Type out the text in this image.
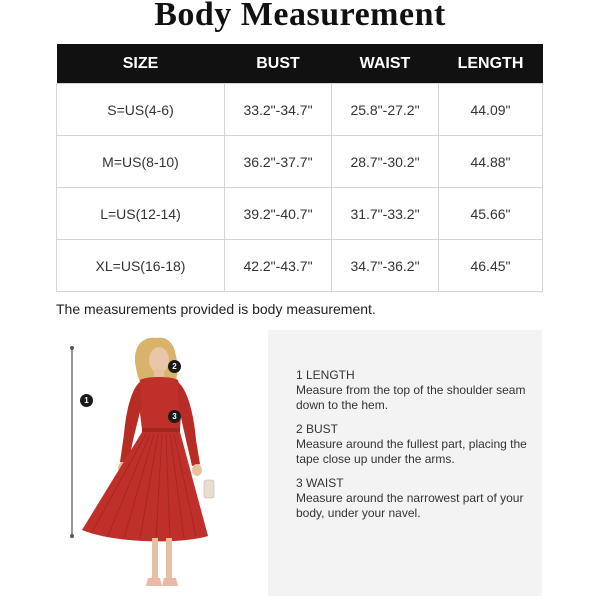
Body Measurement
SIZE	BUST	WAIST	LENGTH
S=US(4-6)	33.2"-34.7"	25.8"-27.2"	44.09"
M=US(8-10)	36.2"-37.7"	28.7"-30.2"	44.88"
L=US(12-14)	39.2"-40.7"	31.7"-33.2"	45.66"
XL=US(16-18)	42.2"-43.7"	34.7"-36.2"	46.45"
The measurements provided is body measurement.
1
2
3
1 LENGTH
Measure from the top of the shoulder seam down to the hem.
2 BUST
Measure around the fullest part, placing the tape close up under the arms.
3 WAIST
Measure around the narrowest part of your body, under your navel.
